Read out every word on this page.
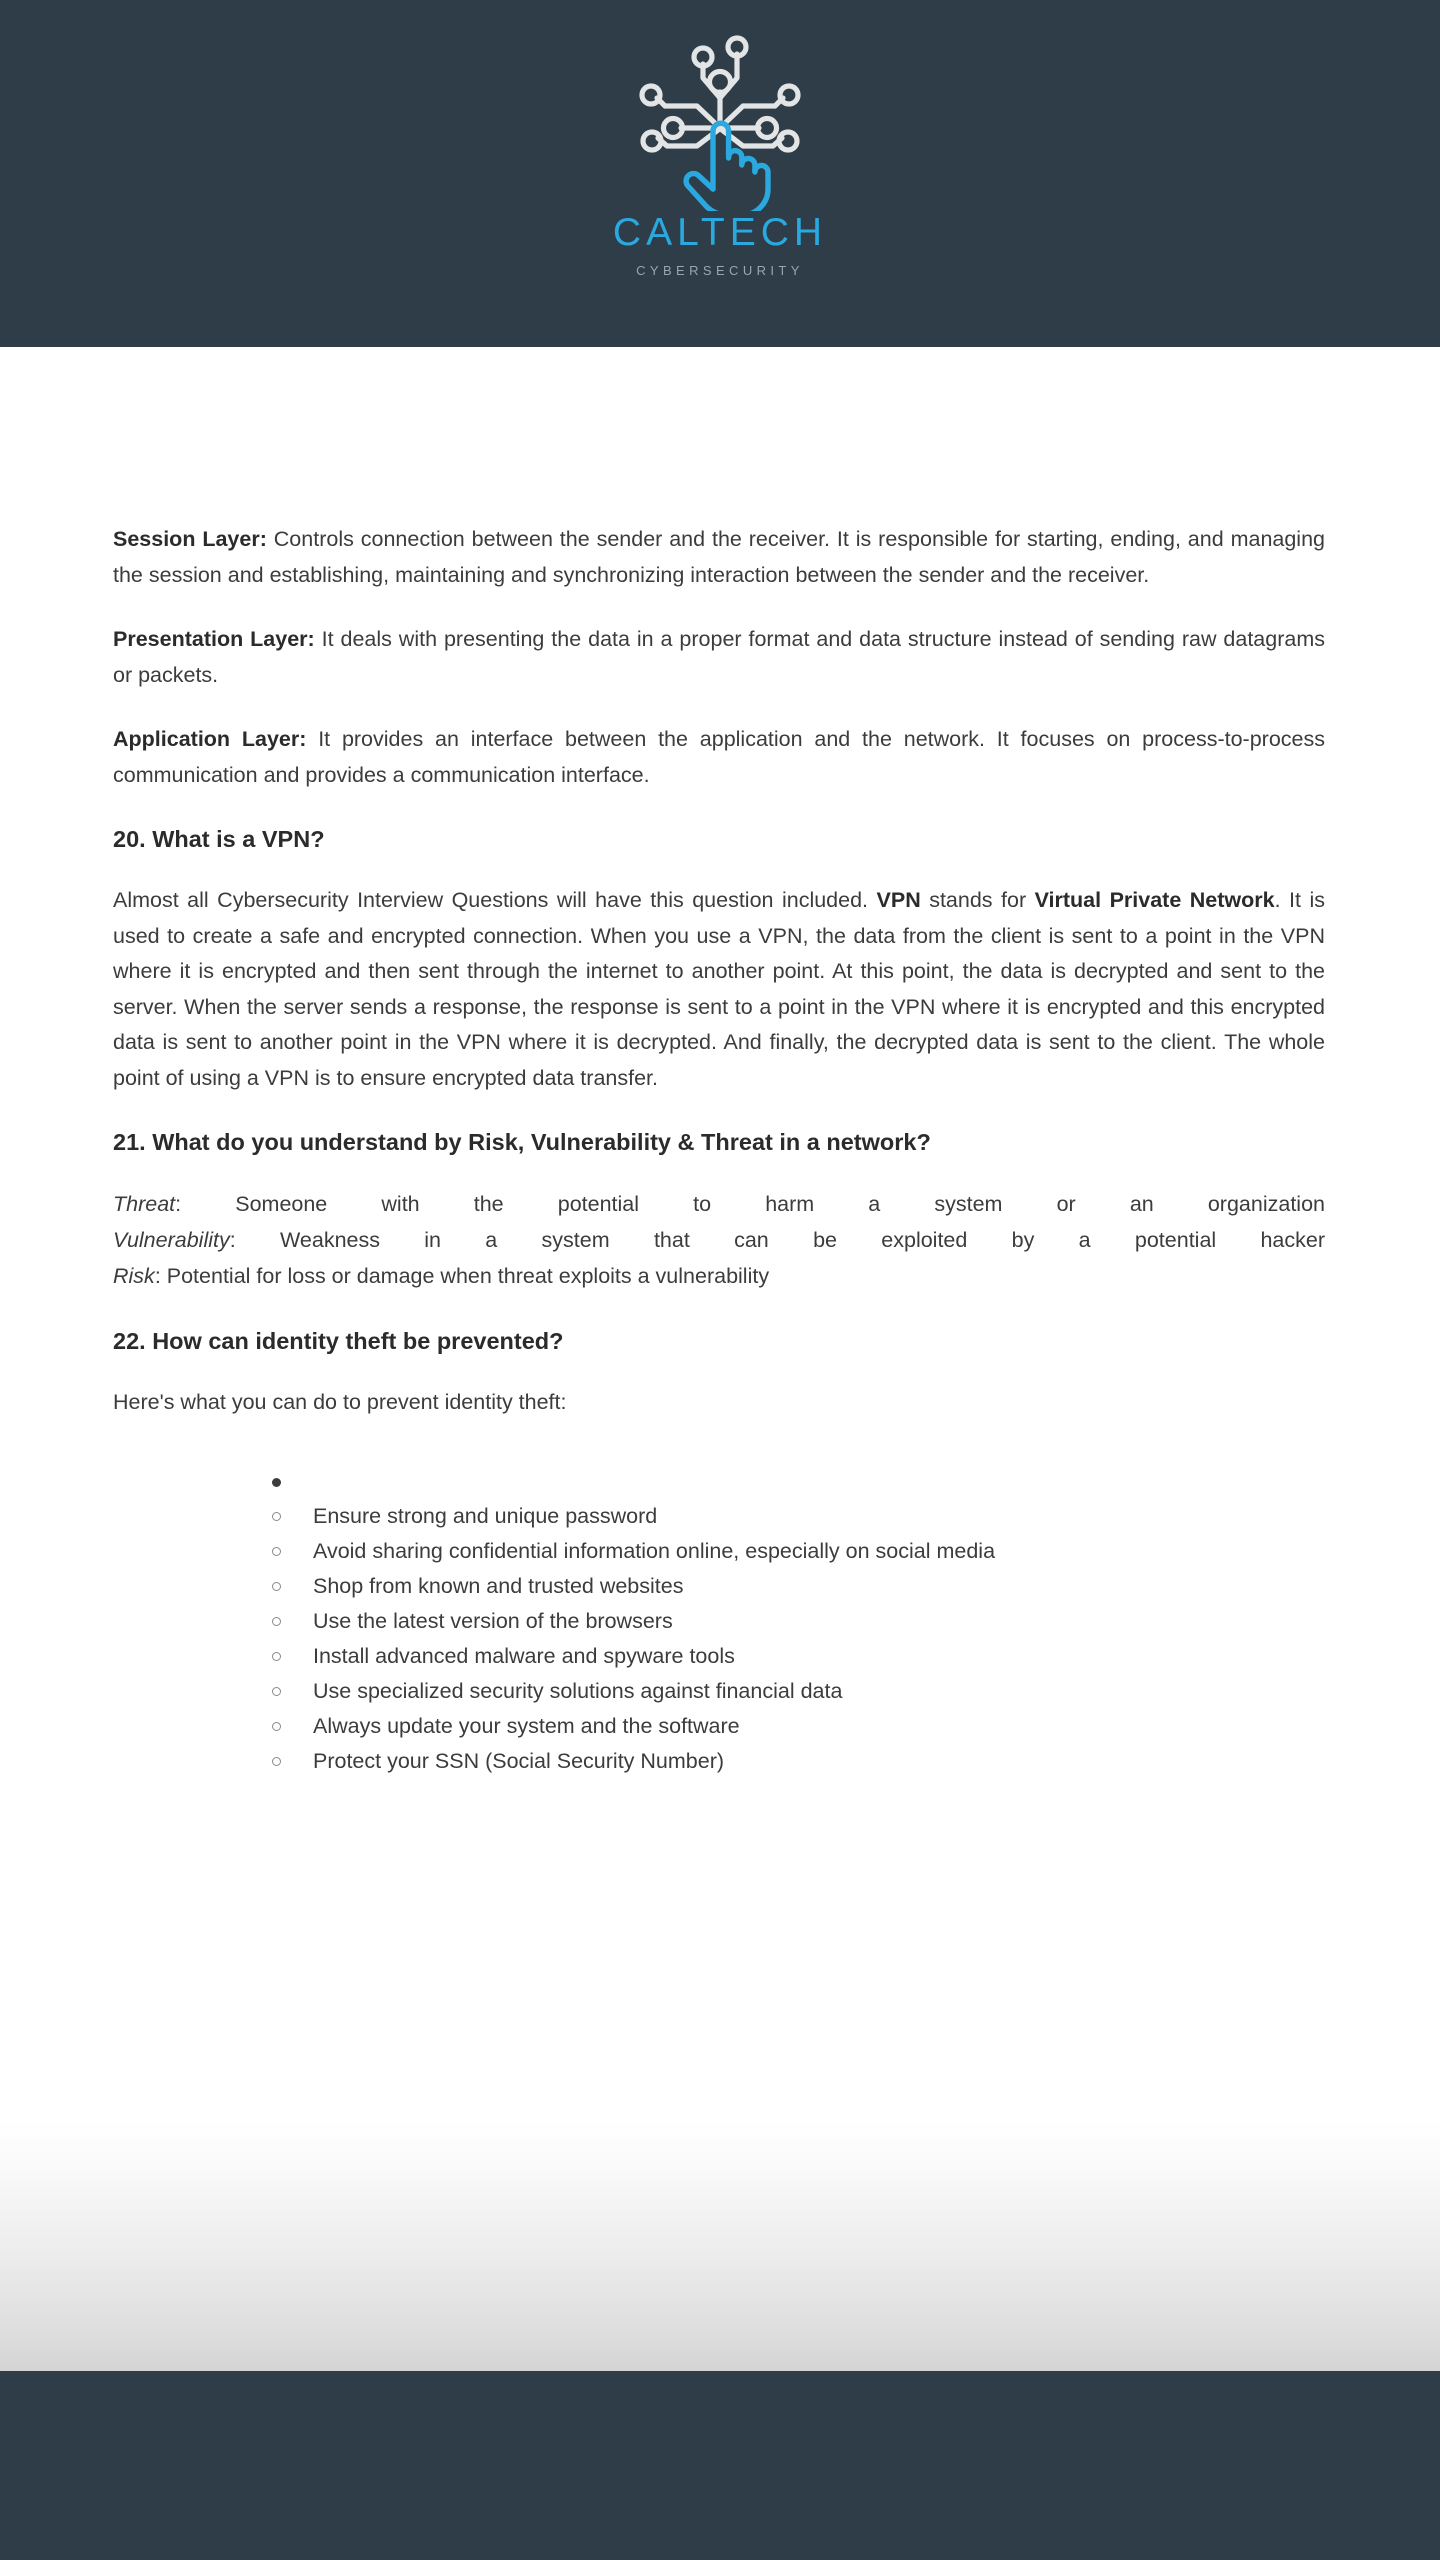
CALTECH
CYBERSECURITY

Session Layer: Controls connection between the sender and the receiver. It is responsible for starting, ending, and managing the session and establishing, maintaining and synchronizing interaction between the sender and the receiver.

Presentation Layer: It deals with presenting the data in a proper format and data structure instead of sending raw datagrams or packets.

Application Layer: It provides an interface between the application and the network. It focuses on process-to-process communication and provides a communication interface.

20. What is a VPN?

Almost all Cybersecurity Interview Questions will have this question included. VPN stands for Virtual Private Network. It is used to create a safe and encrypted connection. When you use a VPN, the data from the client is sent to a point in the VPN where it is encrypted and then sent through the internet to another point. At this point, the data is decrypted and sent to the server. When the server sends a response, the response is sent to a point in the VPN where it is encrypted and this encrypted data is sent to another point in the VPN where it is decrypted. And finally, the decrypted data is sent to the client. The whole point of using a VPN is to ensure encrypted data transfer.

21. What do you understand by Risk, Vulnerability & Threat in a network?
Threat: Someone with the potential to harm a system or an organization
Vulnerability: Weakness in a system that can be exploited by a potential hacker
Risk: Potential for loss or damage when threat exploits a vulnerability
22. How can identity theft be prevented?

Here's what you can do to prevent identity theft:

Ensure strong and unique password
Avoid sharing confidential information online, especially on social media
Shop from known and trusted websites
Use the latest version of the browsers
Install advanced malware and spyware tools
Use specialized security solutions against financial data
Always update your system and the software
Protect your SSN (Social Security Number)
